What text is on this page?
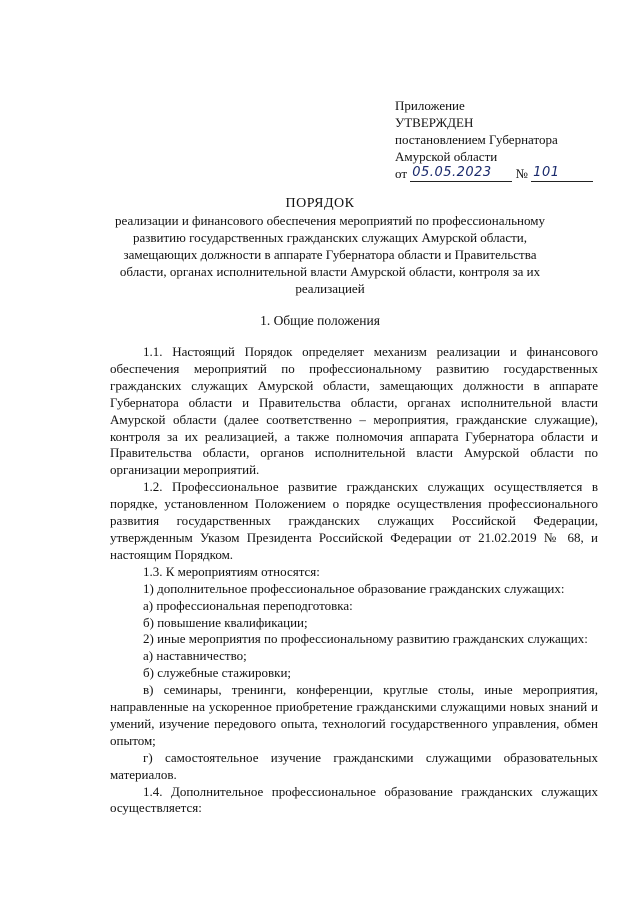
Приложение
УТВЕРЖДЕН
постановлением Губернатора
Амурской области
от 05.05.2023 № 101
ПОРЯДОК
реализации и финансового обеспечения мероприятий по профессиональному развитию государственных гражданских служащих Амурской области, замещающих должности в аппарате Губернатора области и Правительства области, органах исполнительной власти Амурской области, контроля за их реализацией
1. Общие положения

1.1. Настоящий Порядок определяет механизм реализации и финансового обеспечения мероприятий по профессиональному развитию государственных гражданских служащих Амурской области, замещающих должности в аппарате Губернатора области и Правительства области, органах исполнительной власти Амурской области (далее соответственно – мероприятия, гражданские служащие), контроля за их реализацией, а также полномочия аппарата Губернатора области и Правительства области, органов исполнительной власти Амурской области по организации мероприятий.

1.2. Профессиональное развитие гражданских служащих осуществляется в порядке, установленном Положением о порядке осуществления профессионального развития государственных гражданских служащих Российской Федерации, утвержденным Указом Президента Российской Федерации от 21.02.2019 № 68, и настоящим Порядком.

1.3. К мероприятиям относятся:

1) дополнительное профессиональное образование гражданских служащих:

а) профессиональная переподготовка:

б) повышение квалификации;

2) иные мероприятия по профессиональному развитию гражданских служащих:

а) наставничество;

б) служебные стажировки;

в) семинары, тренинги, конференции, круглые столы, иные мероприятия, направленные на ускоренное приобретение гражданскими служащими новых знаний и умений, изучение передового опыта, технологий государственного управления, обмен опытом;

г) самостоятельное изучение гражданскими служащими образовательных материалов.

1.4. Дополнительное профессиональное образование гражданских служащих осуществляется:
